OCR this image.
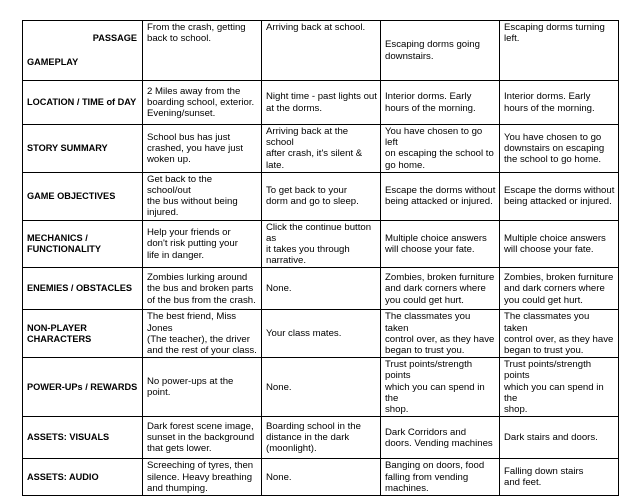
PASSAGE

GAMEPLAY	From the crash, getting
back to school.	Arriving back at school.	Escaping dorms going
downstairs.	Escaping dorms turning
left.
LOCATION / TIME of DAY	2 Miles away from the
boarding school, exterior.
Evening/sunset.	Night time - past lights out
at the dorms.	Interior dorms. Early
hours of the morning.	Interior dorms. Early
hours of the morning.
STORY SUMMARY	School bus has just
crashed, you have just
woken up.	Arriving back at the school
after crash, it's silent & late.	You have chosen to go left
on escaping the school to
go home.	You have chosen to go
downstairs on escaping
the school to go home.
GAME OBJECTIVES	Get back to the school/out
the bus without being
injured.	To get back to your
dorm and go to sleep.	Escape the dorms without
being attacked or injured.	Escape the dorms without
being attacked or injured.
MECHANICS /
FUNCTIONALITY	Help your friends or
don't risk putting your
life in danger.	Click the continue button as
it takes you through
narrative.	Multiple choice answers
will choose your fate.	Multiple choice answers
will choose your fate.
ENEMIES / OBSTACLES	Zombies lurking around
the bus and broken parts
of the bus from the crash.	None.	Zombies, broken furniture
and dark corners where
you could get hurt.	Zombies, broken furniture
and dark corners where
you could get hurt.
NON-PLAYER
CHARACTERS	The best friend, Miss Jones
(The teacher), the driver
and the rest of your class.	Your class mates.	The classmates you taken
control over, as they have
began to trust you.	The classmates you taken
control over, as they have
began to trust you.
POWER-UPs / REWARDS	No power-ups at the point.	None.	Trust points/strength points
which you can spend in the
shop.	Trust points/strength points
which you can spend in the
shop.
ASSETS: VISUALS	Dark forest scene image,
sunset in the background
that gets lower.	Boarding school in the
distance in the dark
(moonlight).	Dark Corridors and
doors. Vending machines	Dark stairs and doors.
ASSETS: AUDIO	Screeching of tyres, then
silence. Heavy breathing
and thumping.	None.	Banging on doors, food
falling from vending
machines.	Falling down stairs
and feet.
